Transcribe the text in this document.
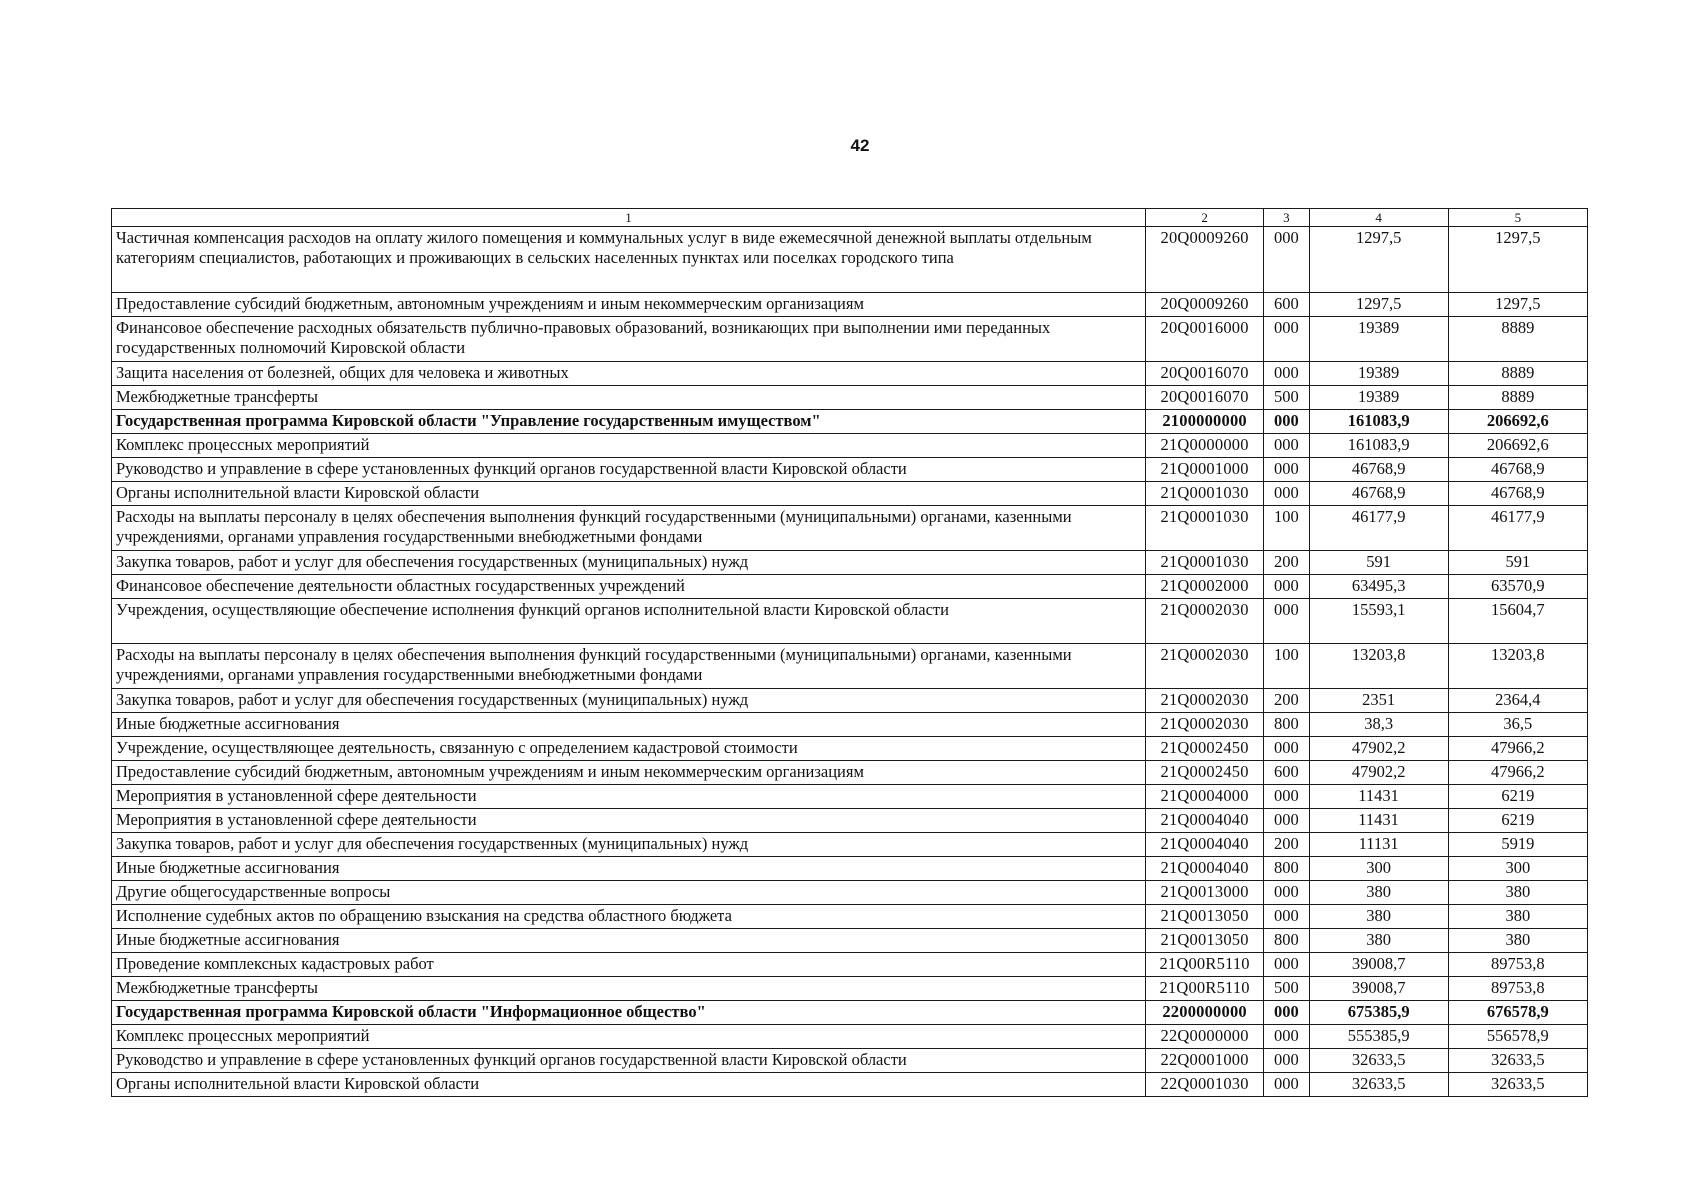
42
1	2	3	4	5
Частичная компенсация расходов на оплату жилого помещения и коммунальных услуг в виде ежемесячной денежной выплаты отдельным категориям специалистов, работающих и проживающих в сельских населенных пунктах или поселках городского типа	20Q0009260	000	1297,5	1297,5
Предоставление субсидий бюджетным, автономным учреждениям и иным некоммерческим организациям	20Q0009260	600	1297,5	1297,5
Финансовое обеспечение расходных обязательств публично-правовых образований, возникающих при выполнении ими переданных государственных полномочий Кировской области	20Q0016000	000	19389	8889
Защита населения от болезней, общих для человека и животных	20Q0016070	000	19389	8889
Межбюджетные трансферты	20Q0016070	500	19389	8889
Государственная программа Кировской области "Управление государственным имуществом"	2100000000	000	161083,9	206692,6
Комплекс процессных мероприятий	21Q0000000	000	161083,9	206692,6
Руководство и управление в сфере установленных функций органов государственной власти Кировской области	21Q0001000	000	46768,9	46768,9
Органы исполнительной власти Кировской области	21Q0001030	000	46768,9	46768,9
Расходы на выплаты персоналу в целях обеспечения выполнения функций государственными (муниципальными) органами, казенными учреждениями, органами управления государственными внебюджетными фондами	21Q0001030	100	46177,9	46177,9
Закупка товаров, работ и услуг для обеспечения государственных (муниципальных) нужд	21Q0001030	200	591	591
Финансовое обеспечение деятельности областных государственных учреждений	21Q0002000	000	63495,3	63570,9
Учреждения, осуществляющие обеспечение исполнения функций органов исполнительной власти Кировской области	21Q0002030	000	15593,1	15604,7
Расходы на выплаты персоналу в целях обеспечения выполнения функций государственными (муниципальными) органами, казенными учреждениями, органами управления государственными внебюджетными фондами	21Q0002030	100	13203,8	13203,8
Закупка товаров, работ и услуг для обеспечения государственных (муниципальных) нужд	21Q0002030	200	2351	2364,4
Иные бюджетные ассигнования	21Q0002030	800	38,3	36,5
Учреждение, осуществляющее деятельность, связанную с определением кадастровой стоимости	21Q0002450	000	47902,2	47966,2
Предоставление субсидий бюджетным, автономным учреждениям и иным некоммерческим организациям	21Q0002450	600	47902,2	47966,2
Мероприятия в установленной сфере деятельности	21Q0004000	000	11431	6219
Мероприятия в установленной сфере деятельности	21Q0004040	000	11431	6219
Закупка товаров, работ и услуг для обеспечения государственных (муниципальных) нужд	21Q0004040	200	11131	5919
Иные бюджетные ассигнования	21Q0004040	800	300	300
Другие общегосударственные вопросы	21Q0013000	000	380	380
Исполнение судебных актов по обращению взыскания на средства областного бюджета	21Q0013050	000	380	380
Иные бюджетные ассигнования	21Q0013050	800	380	380
Проведение комплексных кадастровых работ	21Q00R5110	000	39008,7	89753,8
Межбюджетные трансферты	21Q00R5110	500	39008,7	89753,8
Государственная программа Кировской области "Информационное общество"	2200000000	000	675385,9	676578,9
Комплекс процессных мероприятий	22Q0000000	000	555385,9	556578,9
Руководство и управление в сфере установленных функций органов государственной власти Кировской области	22Q0001000	000	32633,5	32633,5
Органы исполнительной власти Кировской области	22Q0001030	000	32633,5	32633,5
